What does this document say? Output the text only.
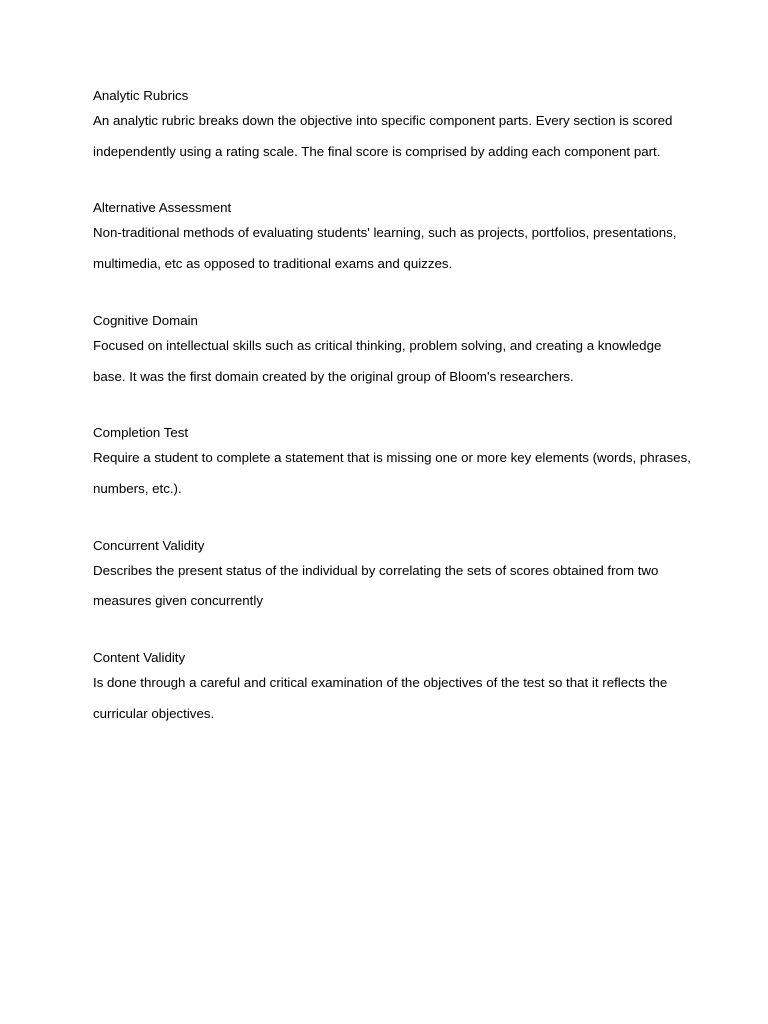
Analytic Rubrics

An analytic rubric breaks down the objective into specific component parts. Every section is scored independently using a rating scale. The final score is comprised by adding each component part.

Alternative Assessment

Non-traditional methods of evaluating students' learning, such as projects, portfolios, presentations, multimedia, etc as opposed to traditional exams and quizzes.

Cognitive Domain

Focused on intellectual skills such as critical thinking, problem solving, and creating a knowledge base. It was the first domain created by the original group of Bloom's researchers.

Completion Test

Require a student to complete a statement that is missing one or more key elements (words, phrases, numbers, etc.).

Concurrent Validity

Describes the present status of the individual by correlating the sets of scores obtained from two measures given concurrently

Content Validity

Is done through a careful and critical examination of the objectives of the test so that it reflects the curricular objectives.
